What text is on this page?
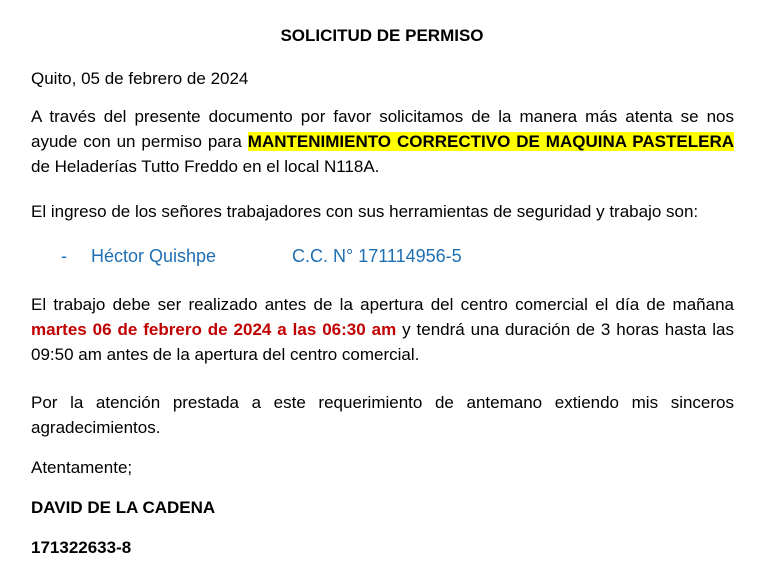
SOLICITUD DE PERMISO
Quito, 05 de febrero de 2024
A través del presente documento por favor solicitamos de la manera más atenta se nos ayude con un permiso para MANTENIMIENTO CORRECTIVO DE MAQUINA PASTELERA de Heladerías Tutto Freddo en el local N118A.
El ingreso de los señores trabajadores con sus herramientas de seguridad y trabajo son:
- Héctor Quishpe	C.C. N° 171114956-5
El trabajo debe ser realizado antes de la apertura del centro comercial el día de mañana martes 06 de febrero de 2024 a las 06:30 am y tendrá una duración de 3 horas hasta las 09:50 am antes de la apertura del centro comercial.
Por la atención prestada a este requerimiento de antemano extiendo mis sinceros agradecimientos.
Atentamente;
DAVID DE LA CADENA
171322633-8
